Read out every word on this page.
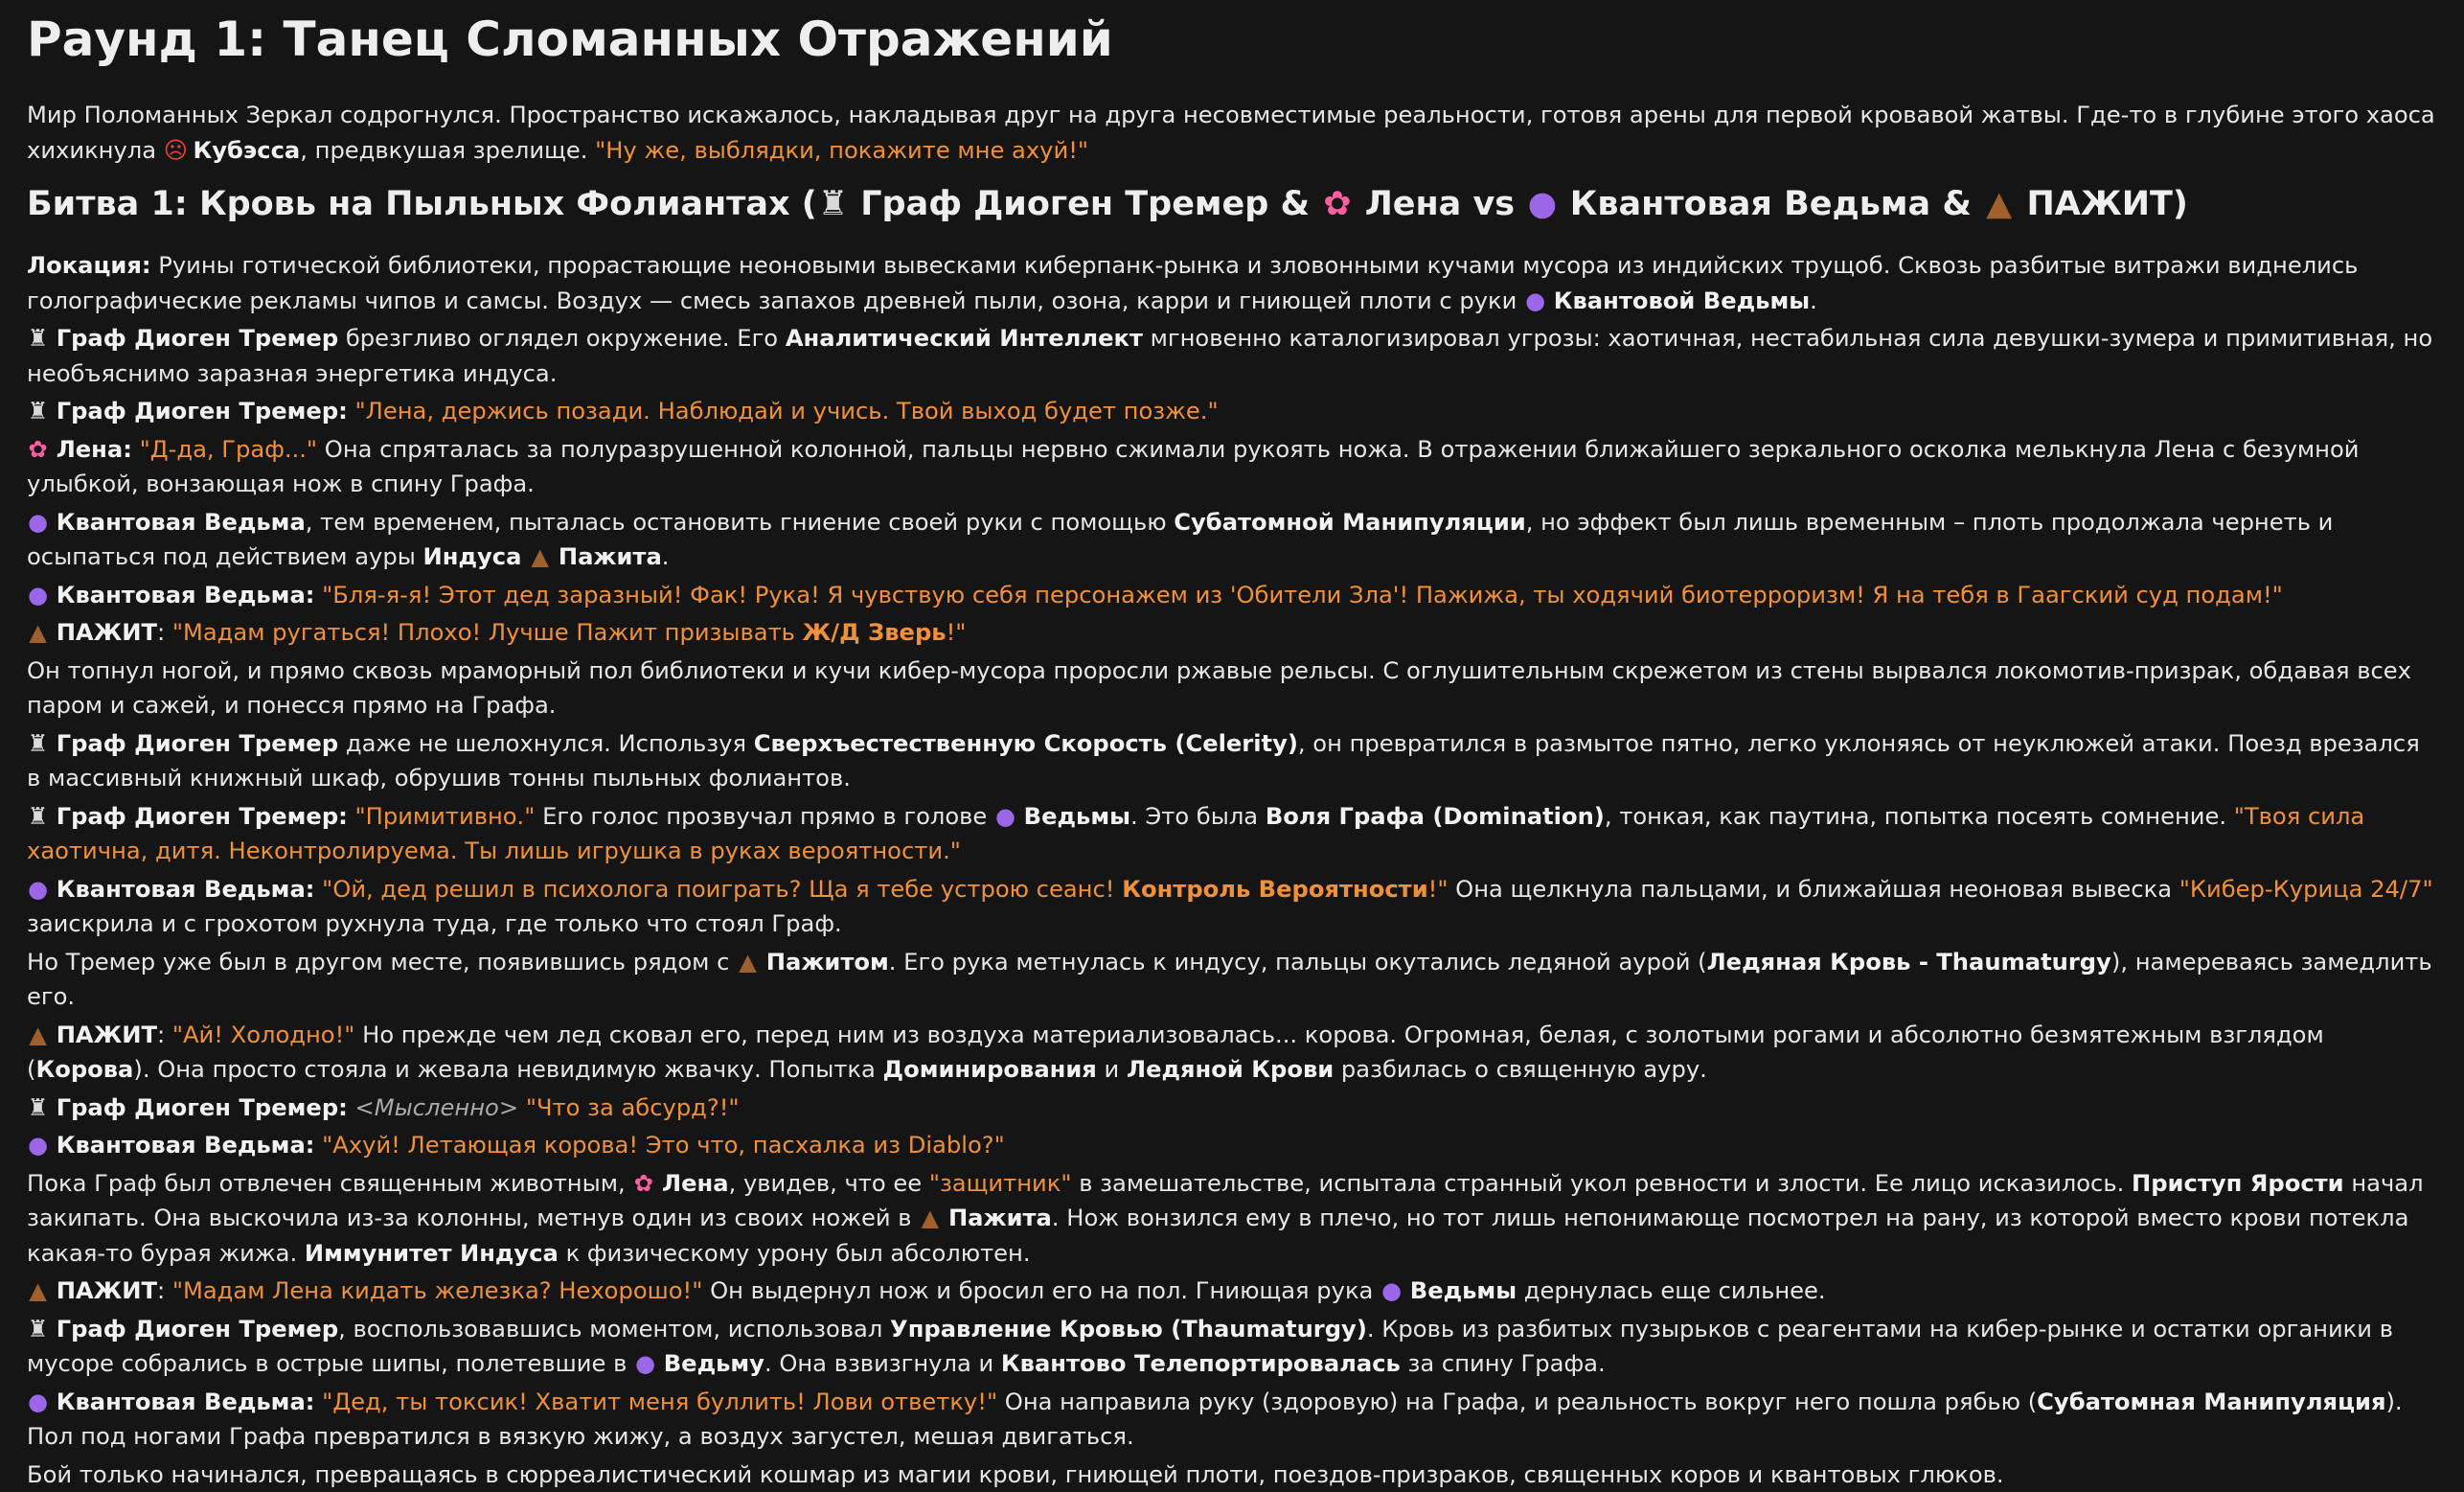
Раунд 1: Танец Сломанных Отражений

Мир Поломанных Зеркал содрогнулся. Пространство искажалось, накладывая друг на друга несовместимые реальности, готовя арены для первой кровавой жатвы. Где-то в глубине этого хаоса хихикнула ☹ Кубэсса, предвкушая зрелище. "Ну же, выблядки, покажите мне ахуй!"

Битва 1: Кровь на Пыльных Фолиантах (♜ Граф Диоген Тремер & ✿ Лена vs ● Квантовая Ведьма & ▲ ПАЖИТ)

Локация: Руины готической библиотеки, прорастающие неоновыми вывесками киберпанк-рынка и зловонными кучами мусора из индийских трущоб. Сквозь разбитые витражи виднелись голографические рекламы чипов и самсы. Воздух — смесь запахов древней пыли, озона, карри и гниющей плоти с руки ● Квантовой Ведьмы.

♜ Граф Диоген Тремер брезгливо оглядел окружение. Его Аналитический Интеллект мгновенно каталогизировал угрозы: хаотичная, нестабильная сила девушки-зумера и примитивная, но необъяснимо заразная энергетика индуса.

♜ Граф Диоген Тремер: "Лена, держись позади. Наблюдай и учись. Твой выход будет позже."

✿ Лена: "Д-да, Граф..." Она спряталась за полуразрушенной колонной, пальцы нервно сжимали рукоять ножа. В отражении ближайшего зеркального осколка мелькнула Лена с безумной улыбкой, вонзающая нож в спину Графа.

● Квантовая Ведьма, тем временем, пыталась остановить гниение своей руки с помощью Субатомной Манипуляции, но эффект был лишь временным – плоть продолжала чернеть и осыпаться под действием ауры Индуса ▲ Пажита.

● Квантовая Ведьма: "Бля-я-я! Этот дед заразный! Фак! Рука! Я чувствую себя персонажем из 'Обители Зла'! Пажижа, ты ходячий биотерроризм! Я на тебя в Гаагский суд подам!"

▲ ПАЖИТ: "Мадам ругаться! Плохо! Лучше Пажит призывать Ж/Д Зверь!"

Он топнул ногой, и прямо сквозь мраморный пол библиотеки и кучи кибер-мусора проросли ржавые рельсы. С оглушительным скрежетом из стены вырвался локомотив-призрак, обдавая всех паром и сажей, и понесся прямо на Графа.

♜ Граф Диоген Тремер даже не шелохнулся. Используя Сверхъестественную Скорость (Celerity), он превратился в размытое пятно, легко уклоняясь от неуклюжей атаки. Поезд врезался в массивный книжный шкаф, обрушив тонны пыльных фолиантов.

♜ Граф Диоген Тремер: "Примитивно." Его голос прозвучал прямо в голове ● Ведьмы. Это была Воля Графа (Domination), тонкая, как паутина, попытка посеять сомнение. "Твоя сила хаотична, дитя. Неконтролируема. Ты лишь игрушка в руках вероятности."

● Квантовая Ведьма: "Ой, дед решил в психолога поиграть? Ща я тебе устрою сеанс! Контроль Вероятности!" Она щелкнула пальцами, и ближайшая неоновая вывеска "Кибер-Курица 24/7" заискрила и с грохотом рухнула туда, где только что стоял Граф.

Но Тремер уже был в другом месте, появившись рядом с ▲ Пажитом. Его рука метнулась к индусу, пальцы окутались ледяной аурой (Ледяная Кровь - Thaumaturgy), намереваясь замедлить его.

▲ ПАЖИТ: "Ай! Холодно!" Но прежде чем лед сковал его, перед ним из воздуха материализовалась... корова. Огромная, белая, с золотыми рогами и абсолютно безмятежным взглядом (Корова). Она просто стояла и жевала невидимую жвачку. Попытка Доминирования и Ледяной Крови разбилась о священную ауру.

♜ Граф Диоген Тремер: <Мысленно> "Что за абсурд?!"

● Квантовая Ведьма: "Ахуй! Летающая корова! Это что, пасхалка из Diablo?"

Пока Граф был отвлечен священным животным, ✿ Лена, увидев, что ее "защитник" в замешательстве, испытала странный укол ревности и злости. Ее лицо исказилось. Приступ Ярости начал закипать. Она выскочила из-за колонны, метнув один из своих ножей в ▲ Пажита. Нож вонзился ему в плечо, но тот лишь непонимающе посмотрел на рану, из которой вместо крови потекла какая-то бурая жижа. Иммунитет Индуса к физическому урону был абсолютен.

▲ ПАЖИТ: "Мадам Лена кидать железка? Нехорошо!" Он выдернул нож и бросил его на пол. Гниющая рука ● Ведьмы дернулась еще сильнее.

♜ Граф Диоген Тремер, воспользовавшись моментом, использовал Управление Кровью (Thaumaturgy). Кровь из разбитых пузырьков с реагентами на кибер-рынке и остатки органики в мусоре собрались в острые шипы, полетевшие в ● Ведьму. Она взвизгнула и Квантово Телепортировалась за спину Графа.

● Квантовая Ведьма: "Дед, ты токсик! Хватит меня буллить! Лови ответку!" Она направила руку (здоровую) на Графа, и реальность вокруг него пошла рябью (Субатомная Манипуляция). Пол под ногами Графа превратился в вязкую жижу, а воздух загустел, мешая двигаться.

Бой только начинался, превращаясь в сюрреалистический кошмар из магии крови, гниющей плоти, поездов-призраков, священных коров и квантовых глюков.
